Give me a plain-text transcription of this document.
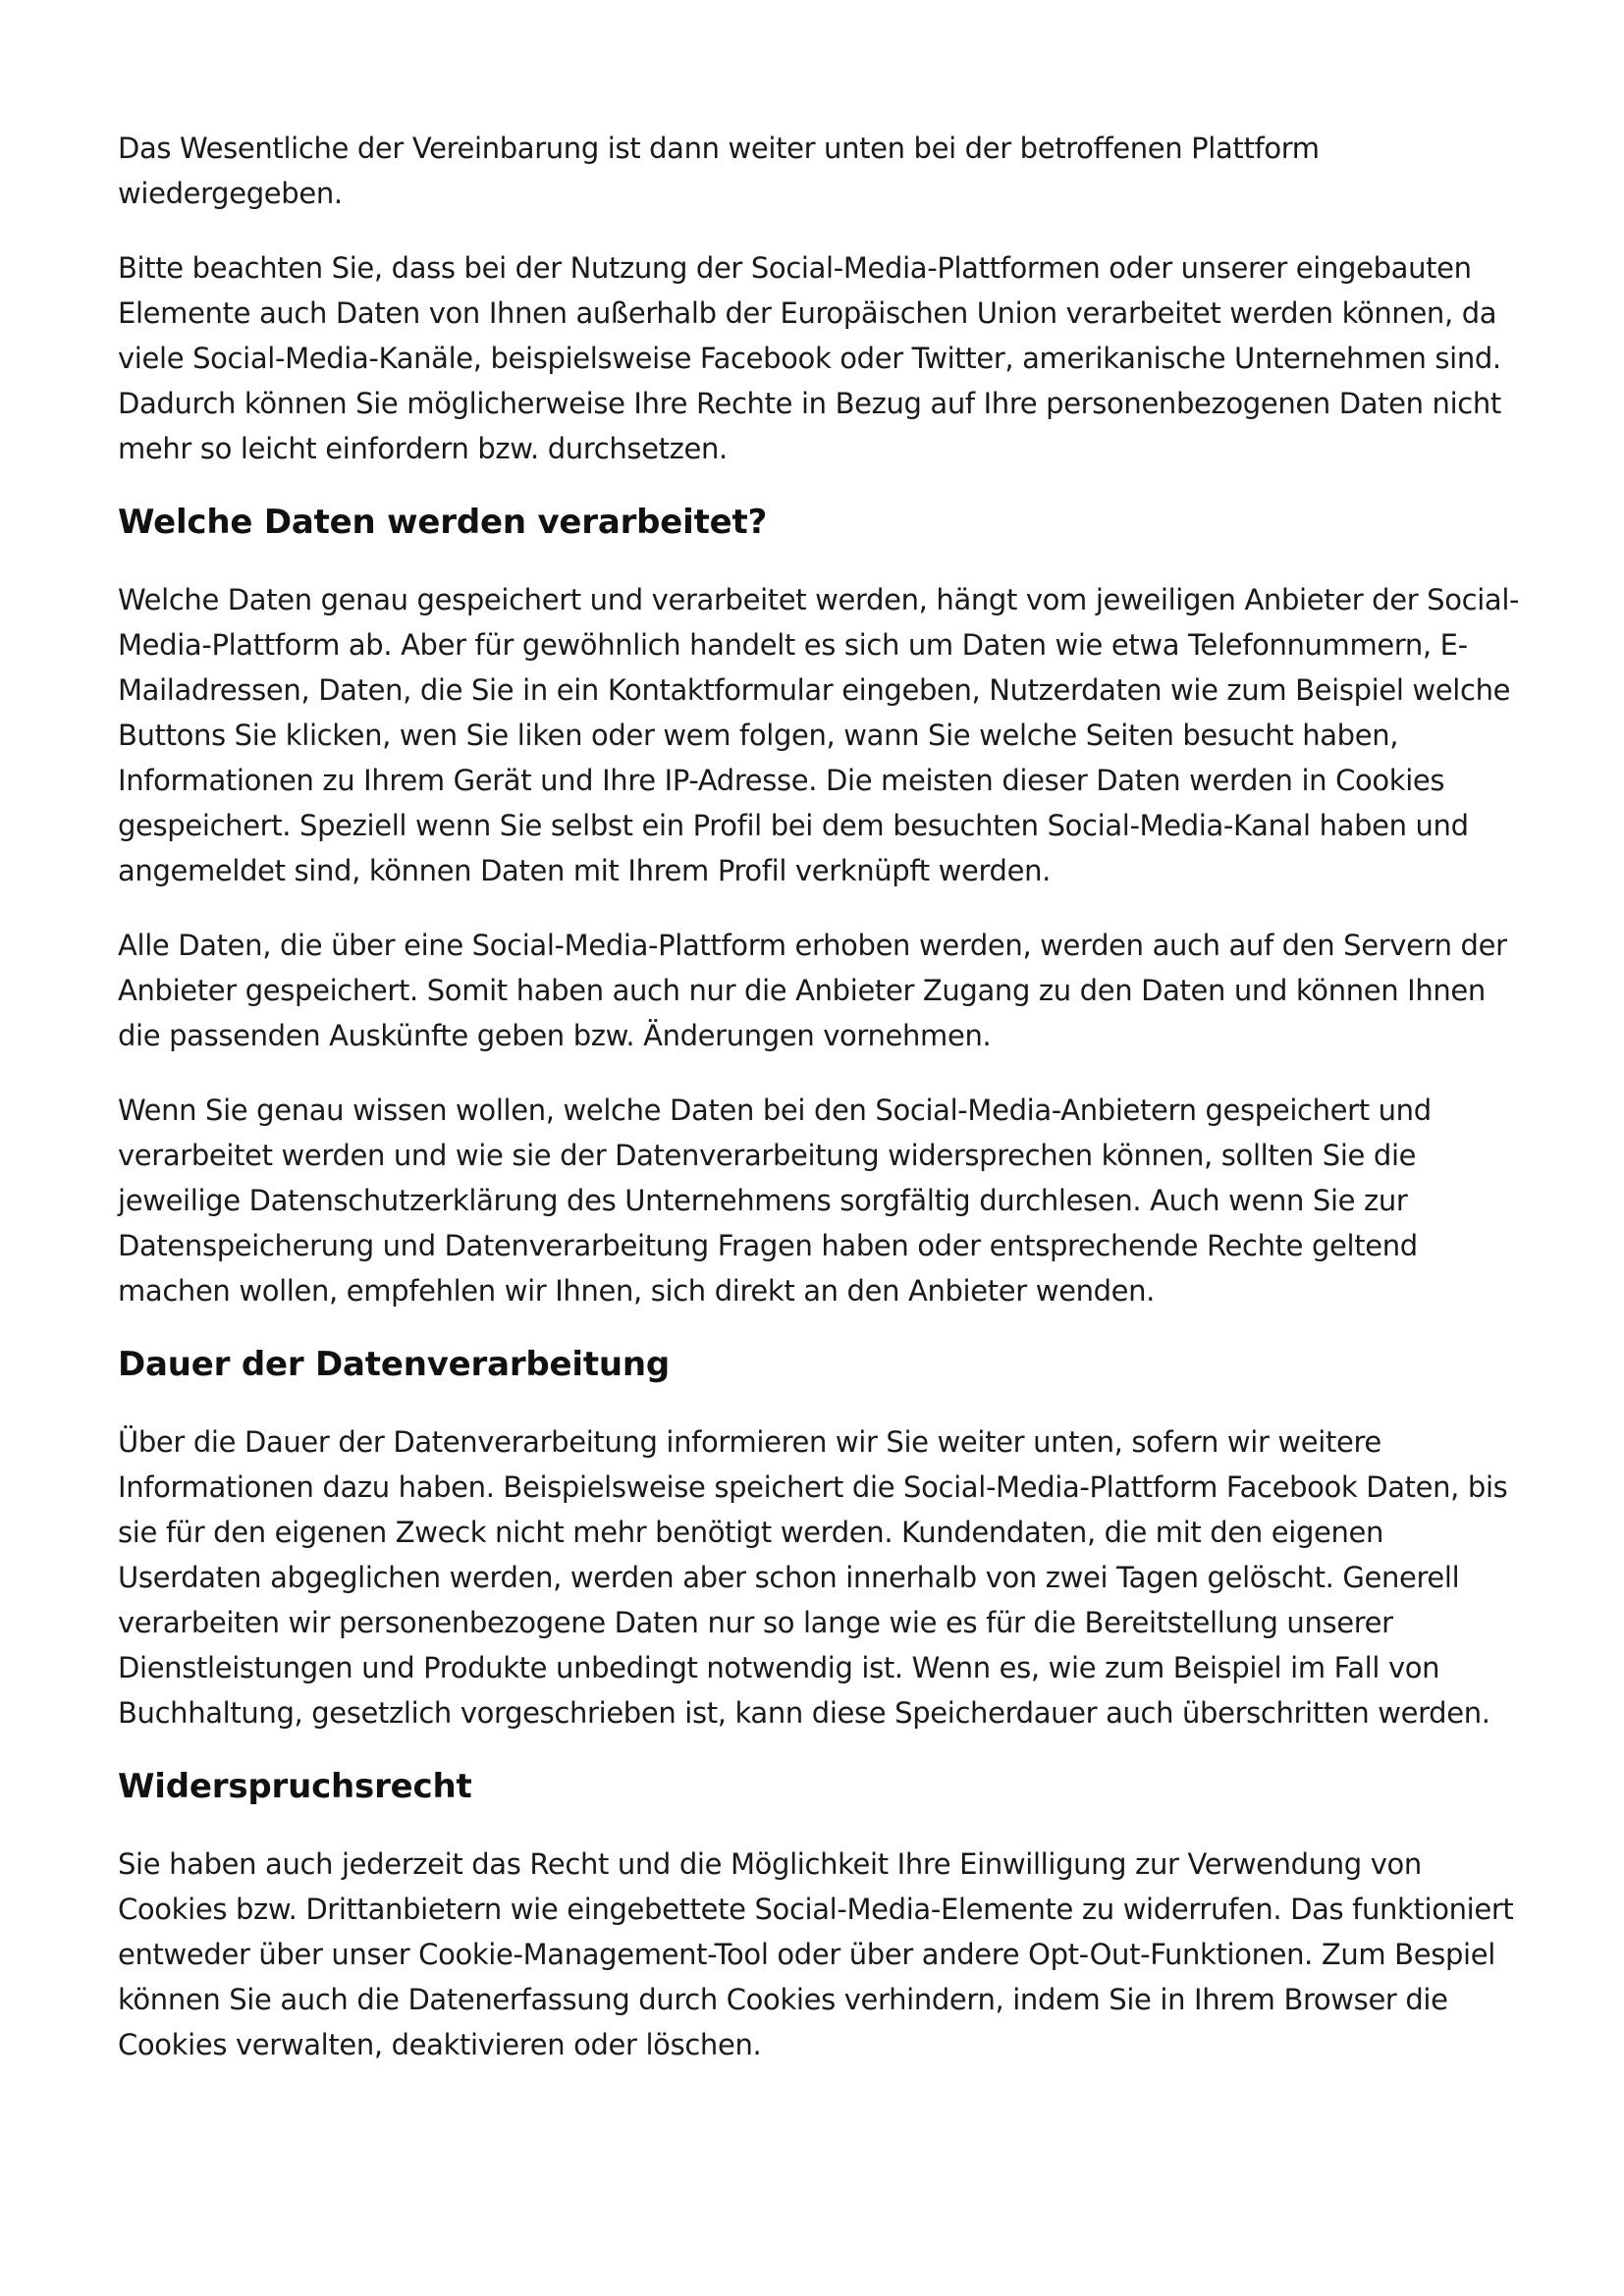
Das Wesentliche der Vereinbarung ist dann weiter unten bei der betroffenen Plattform wiedergegeben.

Bitte beachten Sie, dass bei der Nutzung der Social-Media-Plattformen oder unserer eingebauten Elemente auch Daten von Ihnen außerhalb der Europäischen Union verarbeitet werden können, da viele Social-Media-Kanäle, beispielsweise Facebook oder Twitter, amerikanische Unternehmen sind. Dadurch können Sie möglicherweise Ihre Rechte in Bezug auf Ihre personenbezogenen Daten nicht mehr so leicht einfordern bzw. durchsetzen.

Welche Daten werden verarbeitet?

Welche Daten genau gespeichert und verarbeitet werden, hängt vom jeweiligen Anbieter der Social-Media-Plattform ab. Aber für gewöhnlich handelt es sich um Daten wie etwa Telefonnummern, E-Mailadressen, Daten, die Sie in ein Kontaktformular eingeben, Nutzerdaten wie zum Beispiel welche Buttons Sie klicken, wen Sie liken oder wem folgen, wann Sie welche Seiten besucht haben, Informationen zu Ihrem Gerät und Ihre IP-Adresse. Die meisten dieser Daten werden in Cookies gespeichert. Speziell wenn Sie selbst ein Profil bei dem besuchten Social-Media-Kanal haben und angemeldet sind, können Daten mit Ihrem Profil verknüpft werden.

Alle Daten, die über eine Social-Media-Plattform erhoben werden, werden auch auf den Servern der Anbieter gespeichert. Somit haben auch nur die Anbieter Zugang zu den Daten und können Ihnen die passenden Auskünfte geben bzw. Änderungen vornehmen.

Wenn Sie genau wissen wollen, welche Daten bei den Social-Media-Anbietern gespeichert und verarbeitet werden und wie sie der Datenverarbeitung widersprechen können, sollten Sie die jeweilige Datenschutzerklärung des Unternehmens sorgfältig durchlesen. Auch wenn Sie zur Datenspeicherung und Datenverarbeitung Fragen haben oder entsprechende Rechte geltend machen wollen, empfehlen wir Ihnen, sich direkt an den Anbieter wenden.

Dauer der Datenverarbeitung

Über die Dauer der Datenverarbeitung informieren wir Sie weiter unten, sofern wir weitere Informationen dazu haben. Beispielsweise speichert die Social-Media-Plattform Facebook Daten, bis sie für den eigenen Zweck nicht mehr benötigt werden. Kundendaten, die mit den eigenen Userdaten abgeglichen werden, werden aber schon innerhalb von zwei Tagen gelöscht. Generell verarbeiten wir personenbezogene Daten nur so lange wie es für die Bereitstellung unserer Dienstleistungen und Produkte unbedingt notwendig ist. Wenn es, wie zum Beispiel im Fall von Buchhaltung, gesetzlich vorgeschrieben ist, kann diese Speicherdauer auch überschritten werden.

Widerspruchsrecht

Sie haben auch jederzeit das Recht und die Möglichkeit Ihre Einwilligung zur Verwendung von Cookies bzw. Drittanbietern wie eingebettete Social-Media-Elemente zu widerrufen. Das funktioniert entweder über unser Cookie-Management-Tool oder über andere Opt-Out-Funktionen. Zum Bespiel können Sie auch die Datenerfassung durch Cookies verhindern, indem Sie in Ihrem Browser die Cookies verwalten, deaktivieren oder löschen.
